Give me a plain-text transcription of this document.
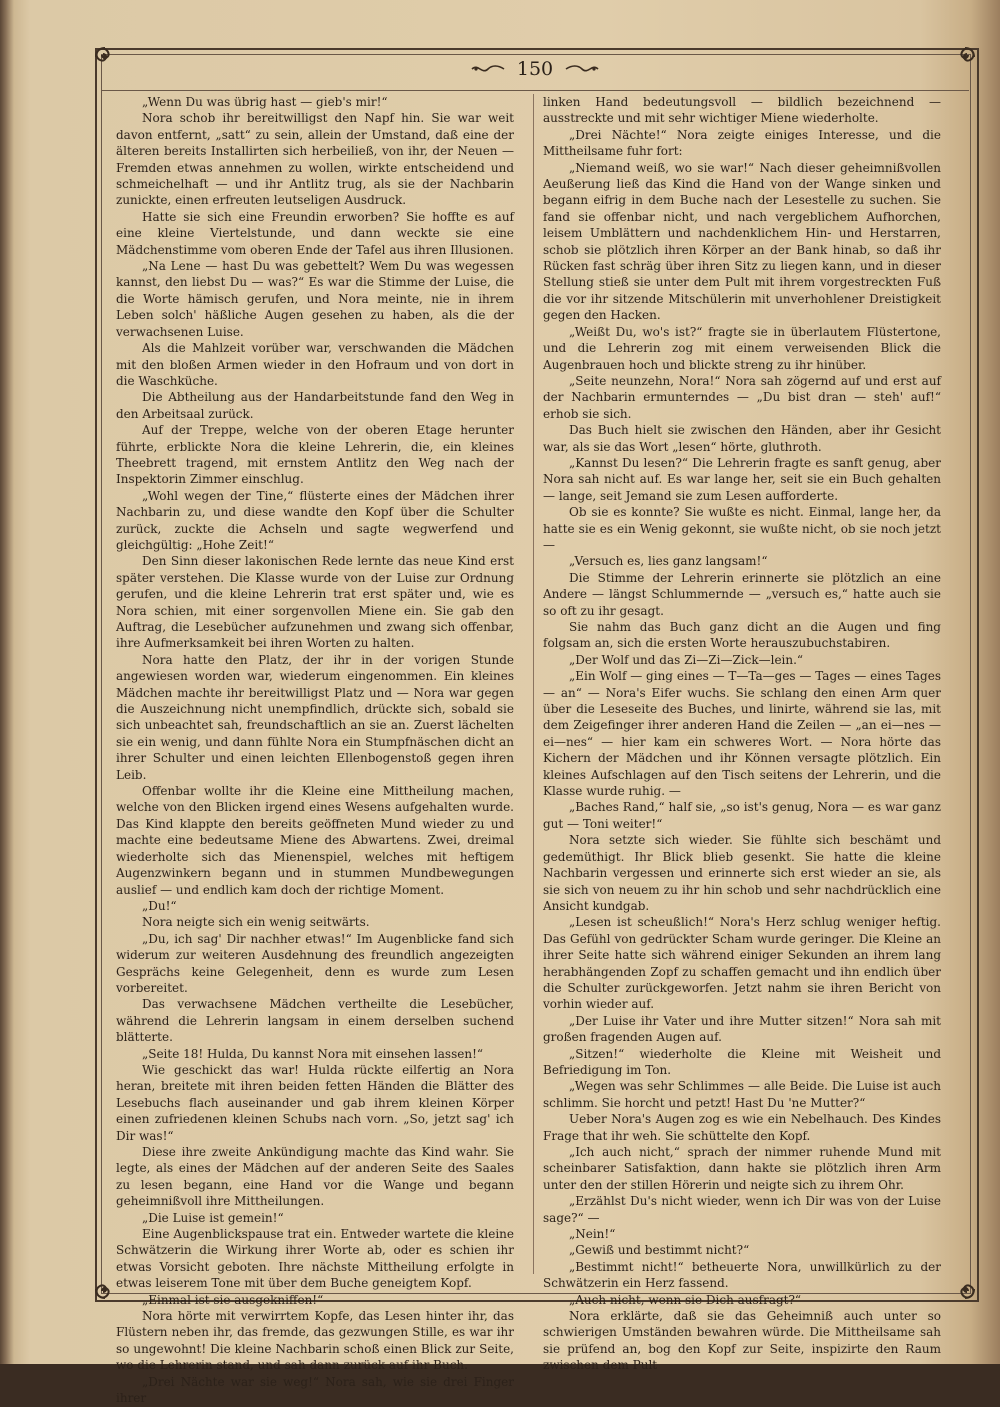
150

„Wenn Du was übrig hast — gieb's mir!“

Nora schob ihr bereitwilligst den Napf hin. Sie war weit davon entfernt, „satt“ zu sein, allein der Umstand, daß eine der älteren bereits Installirten sich herbeiließ, von ihr, der Neuen — Fremden etwas annehmen zu wollen, wirkte entscheidend und schmeichelhaft — und ihr Antlitz trug, als sie der Nachbarin zunickte, einen erfreuten leutseligen Ausdruck.

Hatte sie sich eine Freundin erworben? Sie hoffte es auf eine kleine Viertelstunde, und dann weckte sie eine Mädchenstimme vom oberen Ende der Tafel aus ihren Illusionen.

„Na Lene — hast Du was gebettelt? Wem Du was wegessen kannst, den liebst Du — was?“ Es war die Stimme der Luise, die die Worte hämisch gerufen, und Nora meinte, nie in ihrem Leben solch' häßliche Augen gesehen zu haben, als die der verwachsenen Luise.

Als die Mahlzeit vorüber war, verschwanden die Mädchen mit den bloßen Armen wieder in den Hofraum und von dort in die Waschküche.

Die Abtheilung aus der Handarbeitstunde fand den Weg in den Arbeitsaal zurück.

Auf der Treppe, welche von der oberen Etage herunter führte, erblickte Nora die kleine Lehrerin, die, ein kleines Theebrett tragend, mit ernstem Antlitz den Weg nach der Inspektorin Zimmer einschlug.

„Wohl wegen der Tine,“ flüsterte eines der Mädchen ihrer Nachbarin zu, und diese wandte den Kopf über die Schulter zurück, zuckte die Achseln und sagte wegwerfend und gleichgültig: „Hohe Zeit!“

Den Sinn dieser lakonischen Rede lernte das neue Kind erst später verstehen. Die Klasse wurde von der Luise zur Ordnung gerufen, und die kleine Lehrerin trat erst später und, wie es Nora schien, mit einer sorgenvollen Miene ein. Sie gab den Auftrag, die Lesebücher aufzunehmen und zwang sich offenbar, ihre Aufmerksamkeit bei ihren Worten zu halten.

Nora hatte den Platz, der ihr in der vorigen Stunde angewiesen worden war, wiederum eingenommen. Ein kleines Mädchen machte ihr bereitwilligst Platz und — Nora war gegen die Auszeichnung nicht unempfindlich, drückte sich, sobald sie sich unbeachtet sah, freundschaftlich an sie an. Zuerst lächelten sie ein wenig, und dann fühlte Nora ein Stumpfnäschen dicht an ihrer Schulter und einen leichten Ellenbogenstoß gegen ihren Leib.

Offenbar wollte ihr die Kleine eine Mittheilung machen, welche von den Blicken irgend eines Wesens aufgehalten wurde. Das Kind klappte den bereits geöffneten Mund wieder zu und machte eine bedeutsame Miene des Abwartens. Zwei, dreimal wiederholte sich das Mienenspiel, welches mit heftigem Augenzwinkern begann und in stummen Mundbewegungen auslief — und endlich kam doch der richtige Moment.

„Du!“

Nora neigte sich ein wenig seitwärts.

„Du, ich sag' Dir nachher etwas!“ Im Augenblicke fand sich widerum zur weiteren Ausdehnung des freundlich angezeigten Gesprächs keine Gelegenheit, denn es wurde zum Lesen vorbereitet.

Das verwachsene Mädchen vertheilte die Lesebücher, während die Lehrerin langsam in einem derselben suchend blätterte.

„Seite 18! Hulda, Du kannst Nora mit einsehen lassen!“

Wie geschickt das war! Hulda rückte eilfertig an Nora heran, breitete mit ihren beiden fetten Händen die Blätter des Lesebuchs flach auseinander und gab ihrem kleinen Körper einen zufriedenen kleinen Schubs nach vorn. „So, jetzt sag' ich Dir was!“

Diese ihre zweite Ankündigung machte das Kind wahr. Sie legte, als eines der Mädchen auf der anderen Seite des Saales zu lesen begann, eine Hand vor die Wange und begann geheimnißvoll ihre Mittheilungen.

„Die Luise ist gemein!“

Eine Augenblickspause trat ein. Entweder wartete die kleine Schwätzerin die Wirkung ihrer Worte ab, oder es schien ihr etwas Vorsicht geboten. Ihre nächste Mittheilung erfolgte in etwas leiserem Tone mit über dem Buche geneigtem Kopf.

„Einmal ist sie ausgekniffen!“

Nora hörte mit verwirrtem Kopfe, das Lesen hinter ihr, das Flüstern neben ihr, das fremde, das gezwungen Stille, es war ihr so ungewohnt! Die kleine Nachbarin schoß einen Blick zur Seite, wo die Lehrerin stand, und sah dann zurück auf ihr Buch.

„Drei Nächte war sie weg!“ Nora sah, wie sie drei Finger ihrer

linken Hand bedeutungsvoll — bildlich bezeichnend — ausstreckte und mit sehr wichtiger Miene wiederholte.

„Drei Nächte!“ Nora zeigte einiges Interesse, und die Mittheilsame fuhr fort:

„Niemand weiß, wo sie war!“ Nach dieser geheimnißvollen Aeußerung ließ das Kind die Hand von der Wange sinken und begann eifrig in dem Buche nach der Lesestelle zu suchen. Sie fand sie offenbar nicht, und nach vergeblichem Aufhorchen, leisem Umblättern und nachdenklichem Hin- und Herstarren, schob sie plötzlich ihren Körper an der Bank hinab, so daß ihr Rücken fast schräg über ihren Sitz zu liegen kann, und in dieser Stellung stieß sie unter dem Pult mit ihrem vorgestreckten Fuß die vor ihr sitzende Mitschülerin mit unverhohlener Dreistigkeit gegen den Hacken.

„Weißt Du, wo's ist?“ fragte sie in überlautem Flüstertone, und die Lehrerin zog mit einem verweisenden Blick die Augenbrauen hoch und blickte streng zu ihr hinüber.

„Seite neunzehn, Nora!“ Nora sah zögernd auf und erst auf der Nachbarin ermunterndes — „Du bist dran — steh' auf!“ erhob sie sich.

Das Buch hielt sie zwischen den Händen, aber ihr Gesicht war, als sie das Wort „lesen“ hörte, gluthroth.

„Kannst Du lesen?“ Die Lehrerin fragte es sanft genug, aber Nora sah nicht auf. Es war lange her, seit sie ein Buch gehalten — lange, seit Jemand sie zum Lesen aufforderte.

Ob sie es konnte? Sie wußte es nicht. Einmal, lange her, da hatte sie es ein Wenig gekonnt, sie wußte nicht, ob sie noch jetzt —

„Versuch es, lies ganz langsam!“

Die Stimme der Lehrerin erinnerte sie plötzlich an eine Andere — längst Schlummernde — „versuch es,“ hatte auch sie so oft zu ihr gesagt.

Sie nahm das Buch ganz dicht an die Augen und fing folgsam an, sich die ersten Worte herauszubuchstabiren.

„Der Wolf und das Zi—Zi—Zick—lein.“

„Ein Wolf — ging eines — T—Ta—ges — Tages — eines Tages — an“ — Nora's Eifer wuchs. Sie schlang den einen Arm quer über die Leseseite des Buches, und linirte, während sie las, mit dem Zeigefinger ihrer anderen Hand die Zeilen — „an ei—nes — ei—nes“ — hier kam ein schweres Wort. — Nora hörte das Kichern der Mädchen und ihr Können versagte plötzlich. Ein kleines Aufschlagen auf den Tisch seitens der Lehrerin, und die Klasse wurde ruhig. —

„Baches Rand,“ half sie, „so ist's genug, Nora — es war ganz gut — Toni weiter!“

Nora setzte sich wieder. Sie fühlte sich beschämt und gedemüthigt. Ihr Blick blieb gesenkt. Sie hatte die kleine Nachbarin vergessen und erinnerte sich erst wieder an sie, als sie sich von neuem zu ihr hin schob und sehr nachdrücklich eine Ansicht kundgab.

„Lesen ist scheußlich!“ Nora's Herz schlug weniger heftig. Das Gefühl von gedrückter Scham wurde geringer. Die Kleine an ihrer Seite hatte sich während einiger Sekunden an ihrem lang herabhängenden Zopf zu schaffen gemacht und ihn endlich über die Schulter zurückgeworfen. Jetzt nahm sie ihren Bericht von vorhin wieder auf.

„Der Luise ihr Vater und ihre Mutter sitzen!“ Nora sah mit großen fragenden Augen auf.

„Sitzen!“ wiederholte die Kleine mit Weisheit und Befriedigung im Ton.

„Wegen was sehr Schlimmes — alle Beide. Die Luise ist auch schlimm. Sie horcht und petzt! Hast Du 'ne Mutter?“

Ueber Nora's Augen zog es wie ein Nebelhauch. Des Kindes Frage that ihr weh. Sie schüttelte den Kopf.

„Ich auch nicht,“ sprach der nimmer ruhende Mund mit scheinbarer Satisfaktion, dann hakte sie plötzlich ihren Arm unter den der stillen Hörerin und neigte sich zu ihrem Ohr.

„Erzählst Du's nicht wieder, wenn ich Dir was von der Luise sage?“ —

„Nein!“

„Gewiß und bestimmt nicht?“

„Bestimmt nicht!“ betheuerte Nora, unwillkürlich zu der Schwätzerin ein Herz fassend.

„Auch nicht, wenn sie Dich ausfragt?“

Nora erklärte, daß sie das Geheimniß auch unter so schwierigen Umständen bewahren würde. Die Mittheilsame sah sie prüfend an, bog den Kopf zur Seite, inspizirte den Raum zwischen dem Pult
